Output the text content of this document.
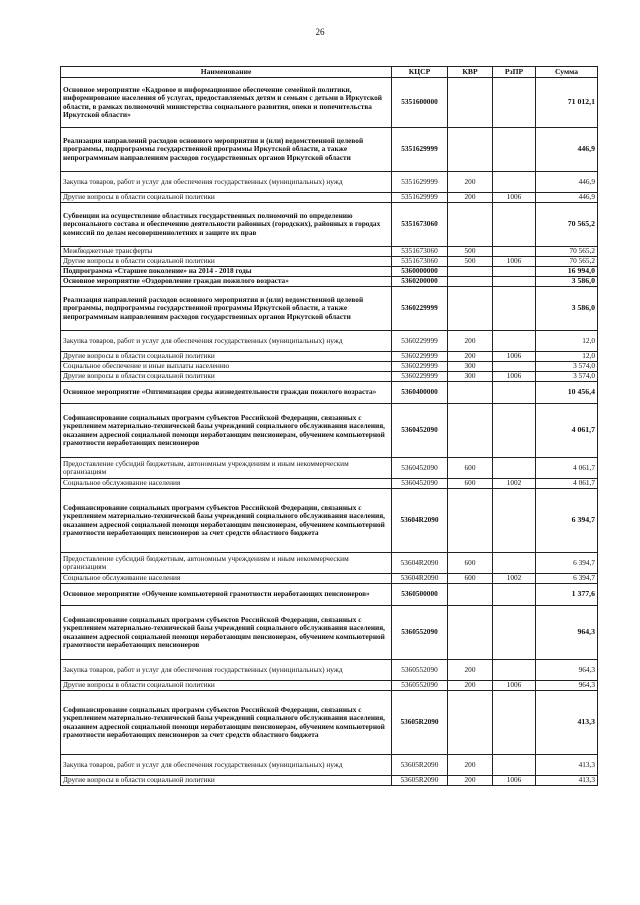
26
Наименование	КЦСР	КВР	РзПР	Сумма
Основное мероприятие «Кадровое и информационное обеспечение семейной политики, информирование населения об услугах, предоставляемых детям и семьям с детьми в Иркутской области, в рамках полномочий министерства социального развития, опеки и попечительства Иркутской области»	5351600000			71 012,1
Реализация направлений расходов основного мероприятия и (или) ведомственной целевой программы, подпрограммы государственной программы Иркутской области, а также непрограммным направлениям расходов государственных органов Иркутской области	5351629999			446,9
Закупка товаров, работ и услуг для обеспечения государственных (муниципальных) нужд	5351629999	200		446,9
Другие вопросы в области социальной политики	5351629999	200	1006	446,9
Субвенции на осуществление областных государственных полномочий по определению персонального состава и обеспечению деятельности районных (городских), районных в городах комиссий по делам несовершеннолетних и защите их прав	5351673060			70 565,2
Межбюджетные трансферты	5351673060	500		70 565,2
Другие вопросы в области социальной политики	5351673060	500	1006	70 565,2
Подпрограмма «Старшее поколение» на 2014 - 2018 годы	5360000000			16 994,0
Основное мероприятие «Оздоровление граждан пожилого возраста»	5360200000			3 586,0
Реализация направлений расходов основного мероприятия и (или) ведомственной целевой программы, подпрограммы государственной программы Иркутской области, а также непрограммным направлениям расходов государственных органов Иркутской области	5360229999			3 586,0
Закупка товаров, работ и услуг для обеспечения государственных (муниципальных) нужд	5360229999	200		12,0
Другие вопросы в области социальной политики	5360229999	200	1006	12,0
Социальное обеспечение и иные выплаты населению	5360229999	300		3 574,0
Другие вопросы в области социальной политики	5360229999	300	1006	3 574,0
Основное мероприятие «Оптимизация среды жизнедеятельности граждан пожилого возраста»	5360400000			10 456,4
Софинансирование социальных программ субъектов Российской Федерации, связанных с укреплением материально-технической базы учреждений социального обслуживания населения, оказанием адресной социальной помощи неработающим пенсионерам, обучением компьютерной грамотности неработающих пенсионеров	5360452090			4 061,7
Предоставление субсидий бюджетным, автономным учреждениям и иным некоммерческим организациям	5360452090	600		4 061,7
Социальное обслуживание населения	5360452090	600	1002	4 061,7
Софинансирование социальных программ субъектов Российской Федерации, связанных с укреплением материально-технической базы учреждений социального обслуживания населения, оказанием адресной социальной помощи неработающим пенсионерам, обучением компьютерной грамотности неработающих пенсионеров за счет средств областного бюджета	53604R2090			6 394,7
Предоставление субсидий бюджетным, автономным учреждениям и иным некоммерческим организациям	53604R2090	600		6 394,7
Социальное обслуживание населения	53604R2090	600	1002	6 394,7
Основное мероприятие «Обучение компьютерной грамотности неработающих пенсионеров»	5360500000			1 377,6
Софинансирование социальных программ субъектов Российской Федерации, связанных с укреплением материально-технической базы учреждений социального обслуживания населения, оказанием адресной социальной помощи неработающим пенсионерам, обучением компьютерной грамотности неработающих пенсионеров	5360552090			964,3
Закупка товаров, работ и услуг для обеспечения государственных (муниципальных) нужд	5360552090	200		964,3
Другие вопросы в области социальной политики	5360552090	200	1006	964,3
Софинансирование социальных программ субъектов Российской Федерации, связанных с укреплением материально-технической базы учреждений социального обслуживания населения, оказанием адресной социальной помощи неработающим пенсионерам, обучением компьютерной грамотности неработающих пенсионеров за счет средств областного бюджета	53605R2090			413,3
Закупка товаров, работ и услуг для обеспечения государственных (муниципальных) нужд	53605R2090	200		413,3
Другие вопросы в области социальной политики	53605R2090	200	1006	413,3
